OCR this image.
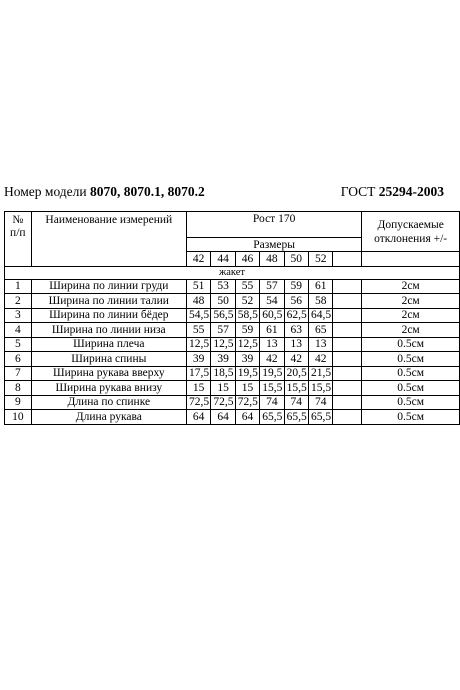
Номер модели 8070, 8070.1, 8070.2	ГОСТ 25294-2003
№
п/п	Наименование измерений	Рост 170							Допускаемые
отклонения +/-
		Размеры							
		42	44	46	48	50	52		
жакет									
1	Ширина по линии груди	51	53	55	57	59	61		2см
2	Ширина по линии талии	48	50	52	54	56	58		2см
3	Ширина по линии бёдер	54,5	56,5	58,5	60,5	62,5	64,5		2см
4	Ширина по линии низа	55	57	59	61	63	65		2см
5	Ширина плеча	12,5	12,5	12,5	13	13	13		0.5см
6	Ширина спины	39	39	39	42	42	42		0.5см
7	Ширина рукава вверху	17,5	18,5	19,5	19,5	20,5	21,5		0.5см
8	Ширина рукава внизу	15	15	15	15,5	15,5	15,5		0.5см
9	Длина по спинке	72,5	72,5	72,5	74	74	74		0.5см
10	Длина рукава	64	64	64	65,5	65,5	65,5		0.5см
